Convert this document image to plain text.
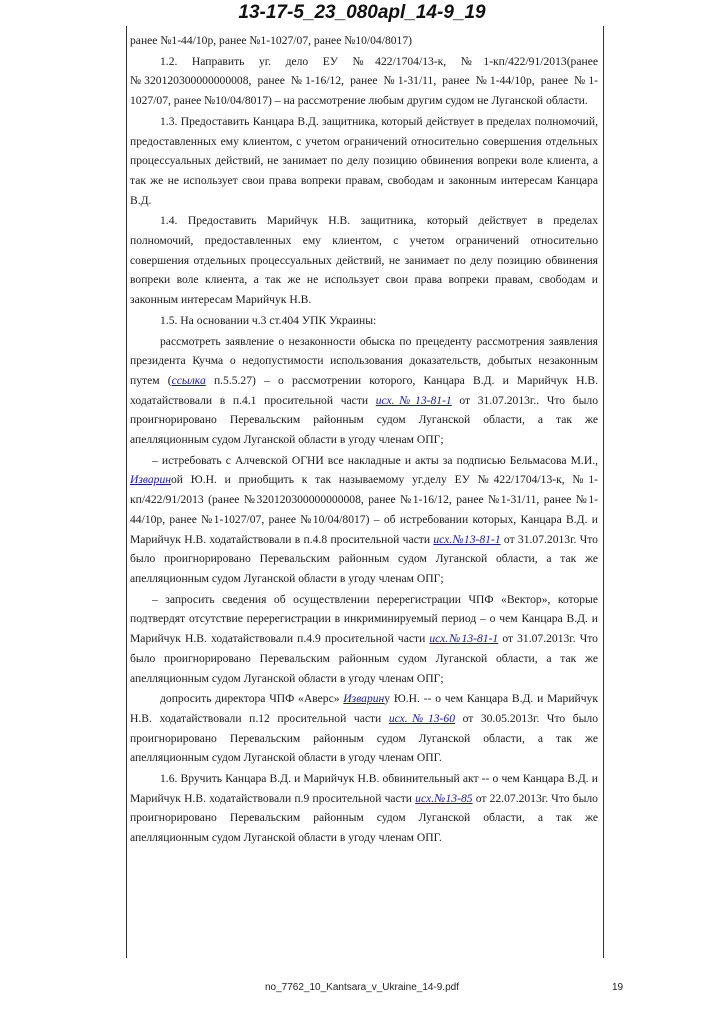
13-17-5_23_080apl_14-9_19

ранее №1-44/10р, ранее №1-1027/07, ранее №10/04/8017)

1.2. Направить уг. дело ЕУ №422/1704/13-к, №1-кп/422/91/2013(ранее №320120300000000008, ранее №1-16/12, ранее №1-31/11, ранее №1-44/10р, ранее №1-1027/07, ранее №10/04/8017) – на рассмотрение любым другим судом не Луганской области.

1.3. Предоставить Канцара В.Д. защитника, который действует в пределах полномочий, предоставленных ему клиентом, с учетом ограничений относительно совершения отдельных процессуальных действий, не занимает по делу позицию обвинения вопреки воле клиента, а так же не использует свои права вопреки правам, свободам и законным интересам Канцара В.Д.

1.4. Предоставить Марийчук Н.В. защитника, который действует в пределах полномочий, предоставленных ему клиентом, с учетом ограничений относительно совершения отдельных процессуальных действий, не занимает по делу позицию обвинения вопреки воле клиента, а так же не использует свои права вопреки правам, свободам и законным интересам Марийчук Н.В.

1.5. На основании ч.3 ст.404 УПК Украины:

рассмотреть заявление о незаконности обыска по прецеденту рассмотрения заявления президента Кучма о недопустимости использования доказательств, добытых незаконным путем (ссылка п.5.5.27) – о рассмотрении которого, Канцара В.Д. и Марийчук Н.В. ходатайствовали в п.4.1 просительной части исх.№13-81-1 от 31.07.2013г.. Что было проигнорировано Перевальским районным судом Луганской области, а так же апелляционным судом Луганской области в угоду членам ОПГ;

– истребовать с Алчевской ОГНИ все накладные и акты за подписью Бельмасова М.И., Извариной Ю.Н. и приобщить к так называемому уг.делу ЕУ №422/1704/13-к, №1-кп/422/91/2013 (ранее №320120300000000008, ранее №1-16/12, ранее №1-31/11, ранее №1-44/10р, ранее №1-1027/07, ранее №10/04/8017) – об истребовании которых, Канцара В.Д. и Марийчук Н.В. ходатайствовали в п.4.8 просительной части исх.№13-81-1 от 31.07.2013г. Что было проигнорировано Перевальским районным судом Луганской области, а так же апелляционным судом Луганской области в угоду членам ОПГ;

– запросить сведения об осуществлении перерегистрации ЧПФ «Вектор», которые подтвердят отсутствие перерегистрации в инкриминируемый период – о чем Канцара В.Д. и Марийчук Н.В. ходатайствовали п.4.9 просительной части исх.№13-81-1 от 31.07.2013г. Что было проигнорировано Перевальским районным судом Луганской области, а так же апелляционным судом Луганской области в угоду членам ОПГ;

допросить директора ЧПФ «Аверс» Изварину Ю.Н. -- о чем Канцара В.Д. и Марийчук Н.В. ходатайствовали п.12 просительной части исх.№13-60 от 30.05.2013г. Что было проигнорировано Перевальским районным судом Луганской области, а так же апелляционным судом Луганской области в угоду членам ОПГ.

1.6. Вручить Канцара В.Д. и Марийчук Н.В. обвинительный акт -- о чем Канцара В.Д. и Марийчук Н.В. ходатайствовали п.9 просительной части исх.№13-85 от 22.07.2013г. Что было проигнорировано Перевальским районным судом Луганской области, а так же апелляционным судом Луганской области в угоду членам ОПГ.

no_7762_10_Kantsara_v_Ukraine_14-9.pdf	19
